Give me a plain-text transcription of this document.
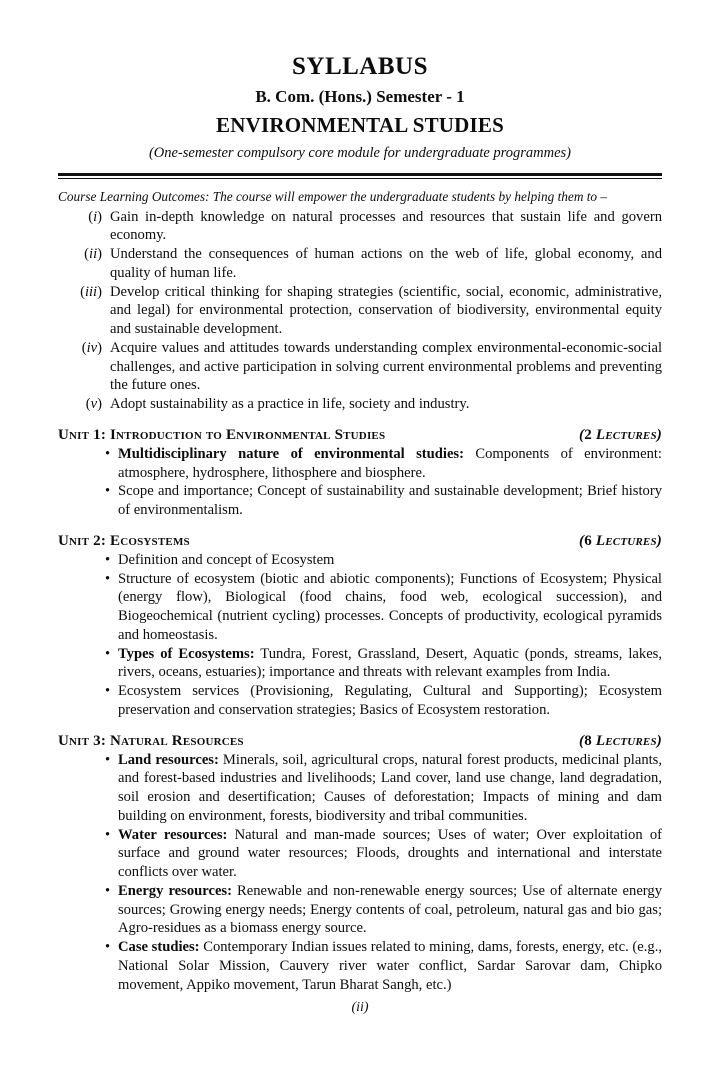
SYLLABUS
B. Com. (Hons.) Semester - 1
ENVIRONMENTAL STUDIES
(One-semester compulsory core module for undergraduate programmes)
Course Learning Outcomes: The course will empower the undergraduate students by helping them to –
(i) Gain in-depth knowledge on natural processes and resources that sustain life and govern economy.
(ii) Understand the consequences of human actions on the web of life, global economy, and quality of human life.
(iii) Develop critical thinking for shaping strategies (scientific, social, economic, administrative, and legal) for environmental protection, conservation of biodiversity, environmental equity and sustainable development.
(iv) Acquire values and attitudes towards understanding complex environmental-economic-social challenges, and active participation in solving current environmental problems and preventing the future ones.
(v) Adopt sustainability as a practice in life, society and industry.
Unit 1: Introduction to Environmental Studies	(2 Lectures)
• Multidisciplinary nature of environmental studies: Components of environment: atmosphere, hydrosphere, lithosphere and biosphere.
• Scope and importance; Concept of sustainability and sustainable development; Brief history of environmentalism.
Unit 2: Ecosystems	(6 Lectures)
• Definition and concept of Ecosystem
• Structure of ecosystem (biotic and abiotic components); Functions of Ecosystem; Physical (energy flow), Biological (food chains, food web, ecological succession), and Biogeochemical (nutrient cycling) processes. Concepts of productivity, ecological pyramids and homeostasis.
• Types of Ecosystems: Tundra, Forest, Grassland, Desert, Aquatic (ponds, streams, lakes, rivers, oceans, estuaries); importance and threats with relevant examples from India.
• Ecosystem services (Provisioning, Regulating, Cultural and Supporting); Ecosystem preservation and conservation strategies; Basics of Ecosystem restoration.
Unit 3: Natural Resources	(8 Lectures)
• Land resources: Minerals, soil, agricultural crops, natural forest products, medicinal plants, and forest-based industries and livelihoods; Land cover, land use change, land degradation, soil erosion and desertification; Causes of deforestation; Impacts of mining and dam building on environment, forests, biodiversity and tribal communities.
• Water resources: Natural and man-made sources; Uses of water; Over exploitation of surface and ground water resources; Floods, droughts and international and interstate conflicts over water.
• Energy resources: Renewable and non-renewable energy sources; Use of alternate energy sources; Growing energy needs; Energy contents of coal, petroleum, natural gas and bio gas; Agro-residues as a biomass energy source.
• Case studies: Contemporary Indian issues related to mining, dams, forests, energy, etc. (e.g., National Solar Mission, Cauvery river water conflict, Sardar Sarovar dam, Chipko movement, Appiko movement, Tarun Bharat Sangh, etc.)
(ii)
